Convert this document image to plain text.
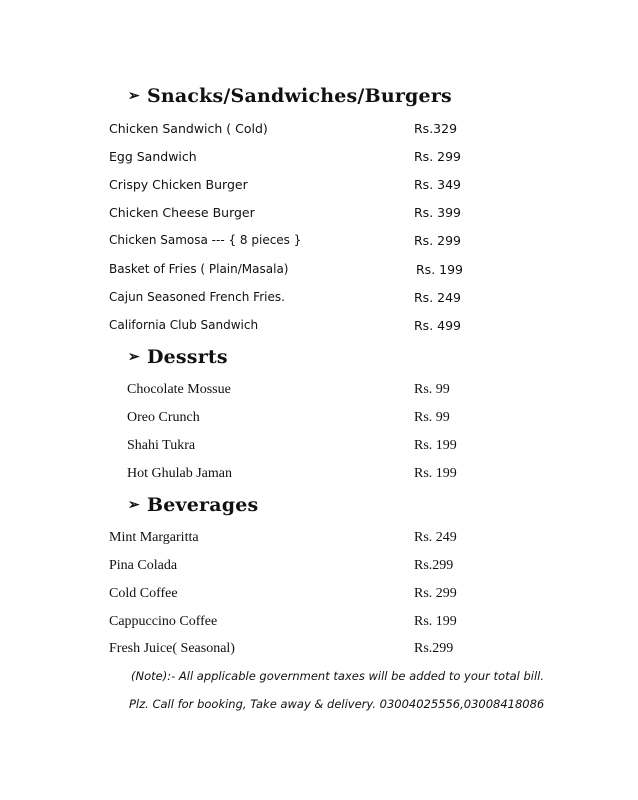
➢ Snacks/Sandwiches/Burgers
Chicken Sandwich ( Cold)	Rs.329
Egg Sandwich	Rs. 299
Crispy Chicken Burger	Rs. 349
Chicken Cheese Burger	Rs. 399
Chicken Samosa --- { 8 pieces }	Rs. 299
Basket of Fries ( Plain/Masala)	Rs. 199
Cajun Seasoned French Fries.	Rs. 249
California Club Sandwich	Rs. 499
➢ Dessrts
Chocolate Mossue	Rs. 99
Oreo Crunch	Rs. 99
Shahi Tukra	Rs. 199
Hot Ghulab Jaman	Rs. 199
➢ Beverages
Mint Margaritta	Rs. 249
Pina Colada	Rs.299
Cold Coffee	Rs. 299
Cappuccino Coffee	Rs. 199
Fresh Juice( Seasonal)	Rs.299
(Note):- All applicable government taxes will be added to your total bill.
Plz. Call for booking, Take away & delivery. 03004025556,03008418086
